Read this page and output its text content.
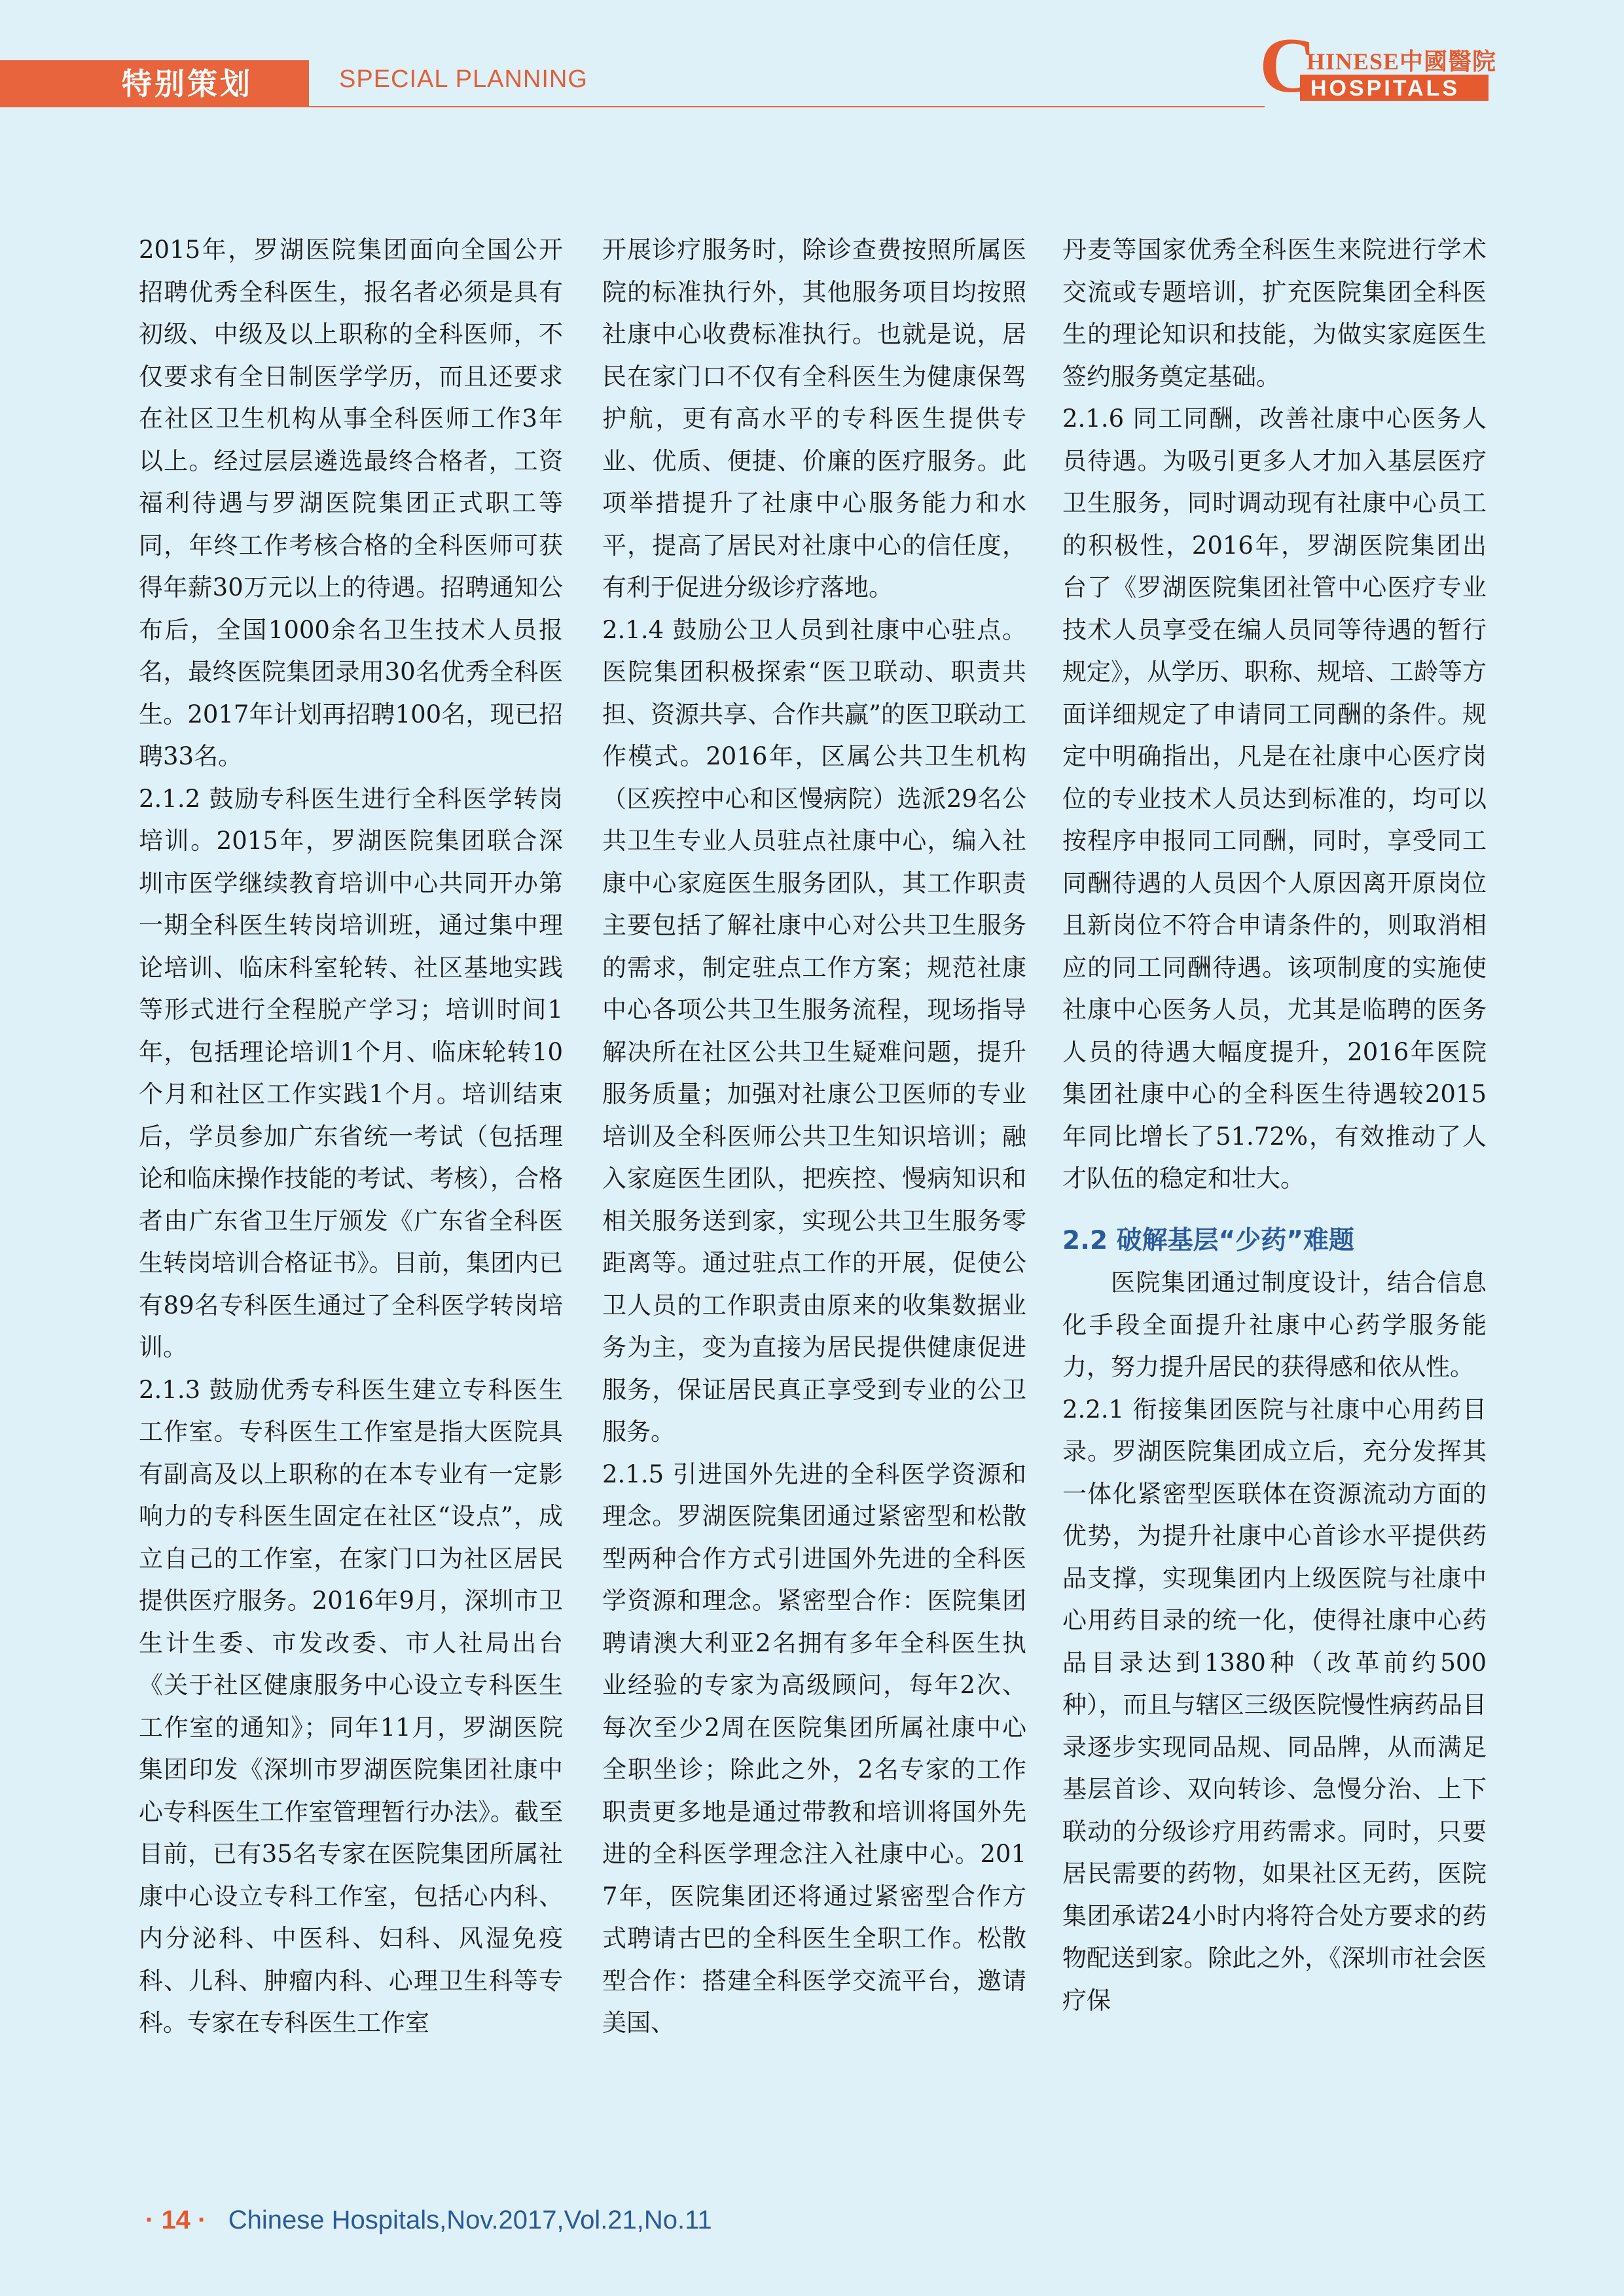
特别策划	SPECIAL PLANNING	C
HINESE中國醫院
HOSPITALS

2015年，罗湖医院集团面向全国公开招聘优秀全科医生，报名者必须是具有初级、中级及以上职称的全科医师，不仅要求有全日制医学学历，而且还要求在社区卫生机构从事全科医师工作3年以上。经过层层遴选最终合格者，工资福利待遇与罗湖医院集团正式职工等同，年终工作考核合格的全科医师可获得年薪30万元以上的待遇。招聘通知公布后，全国1000余名卫生技术人员报名，最终医院集团录用30名优秀全科医生。2017年计划再招聘100名，现已招聘33名。

2.1.2 鼓励专科医生进行全科医学转岗培训。2015年，罗湖医院集团联合深圳市医学继续教育培训中心共同开办第一期全科医生转岗培训班，通过集中理论培训、临床科室轮转、社区基地实践等形式进行全程脱产学习；培训时间1年，包括理论培训1个月、临床轮转10个月和社区工作实践1个月。培训结束后，学员参加广东省统一考试（包括理论和临床操作技能的考试、考核），合格者由广东省卫生厅颁发《广东省全科医生转岗培训合格证书》。目前，集团内已有89名专科医生通过了全科医学转岗培训。

2.1.3 鼓励优秀专科医生建立专科医生工作室。专科医生工作室是指大医院具有副高及以上职称的在本专业有一定影响力的专科医生固定在社区“设点”，成立自己的工作室，在家门口为社区居民提供医疗服务。2016年9月，深圳市卫生计生委、市发改委、市人社局出台《关于社区健康服务中心设立专科医生工作室的通知》；同年11月，罗湖医院集团印发《深圳市罗湖医院集团社康中心专科医生工作室管理暂行办法》。截至目前，已有35名专家在医院集团所属社康中心设立专科工作室，包括心内科、内分泌科、中医科、妇科、风湿免疫科、儿科、肿瘤内科、心理卫生科等专科。专家在专科医生工作室

开展诊疗服务时，除诊查费按照所属医院的标准执行外，其他服务项目均按照社康中心收费标准执行。也就是说，居民在家门口不仅有全科医生为健康保驾护航，更有高水平的专科医生提供专业、优质、便捷、价廉的医疗服务。此项举措提升了社康中心服务能力和水平，提高了居民对社康中心的信任度，有利于促进分级诊疗落地。

2.1.4 鼓励公卫人员到社康中心驻点。医院集团积极探索“医卫联动、职责共担、资源共享、合作共赢”的医卫联动工作模式。2016年，区属公共卫生机构（区疾控中心和区慢病院）选派29名公共卫生专业人员驻点社康中心，编入社康中心家庭医生服务团队，其工作职责主要包括了解社康中心对公共卫生服务的需求，制定驻点工作方案；规范社康中心各项公共卫生服务流程，现场指导解决所在社区公共卫生疑难问题，提升服务质量；加强对社康公卫医师的专业培训及全科医师公共卫生知识培训；融入家庭医生团队，把疾控、慢病知识和相关服务送到家，实现公共卫生服务零距离等。通过驻点工作的开展，促使公卫人员的工作职责由原来的收集数据业务为主，变为直接为居民提供健康促进服务，保证居民真正享受到专业的公卫服务。

2.1.5 引进国外先进的全科医学资源和理念。罗湖医院集团通过紧密型和松散型两种合作方式引进国外先进的全科医学资源和理念。紧密型合作：医院集团聘请澳大利亚2名拥有多年全科医生执业经验的专家为高级顾问，每年2次、每次至少2周在医院集团所属社康中心全职坐诊；除此之外，2名专家的工作职责更多地是通过带教和培训将国外先进的全科医学理念注入社康中心。2017年，医院集团还将通过紧密型合作方式聘请古巴的全科医生全职工作。松散型合作：搭建全科医学交流平台，邀请美国、

丹麦等国家优秀全科医生来院进行学术交流或专题培训，扩充医院集团全科医生的理论知识和技能，为做实家庭医生签约服务奠定基础。

2.1.6 同工同酬，改善社康中心医务人员待遇。为吸引更多人才加入基层医疗卫生服务，同时调动现有社康中心员工的积极性，2016年，罗湖医院集团出台了《罗湖医院集团社管中心医疗专业技术人员享受在编人员同等待遇的暂行规定》，从学历、职称、规培、工龄等方面详细规定了申请同工同酬的条件。规定中明确指出，凡是在社康中心医疗岗位的专业技术人员达到标准的，均可以按程序申报同工同酬，同时，享受同工同酬待遇的人员因个人原因离开原岗位且新岗位不符合申请条件的，则取消相应的同工同酬待遇。该项制度的实施使社康中心医务人员，尤其是临聘的医务人员的待遇大幅度提升，2016年医院集团社康中心的全科医生待遇较2015年同比增长了51.72%，有效推动了人才队伍的稳定和壮大。

2.2 破解基层“少药”难题

医院集团通过制度设计，结合信息化手段全面提升社康中心药学服务能力，努力提升居民的获得感和依从性。

2.2.1 衔接集团医院与社康中心用药目录。罗湖医院集团成立后，充分发挥其一体化紧密型医联体在资源流动方面的优势，为提升社康中心首诊水平提供药品支撑，实现集团内上级医院与社康中心用药目录的统一化，使得社康中心药品目录达到1380种（改革前约500种），而且与辖区三级医院慢性病药品目录逐步实现同品规、同品牌，从而满足基层首诊、双向转诊、急慢分治、上下联动的分级诊疗用药需求。同时，只要居民需要的药物，如果社区无药，医院集团承诺24小时内将符合处方要求的药物配送到家。除此之外，《深圳市社会医疗保

· 14 · Chinese Hospitals,Nov.2017,Vol.21,No.11
